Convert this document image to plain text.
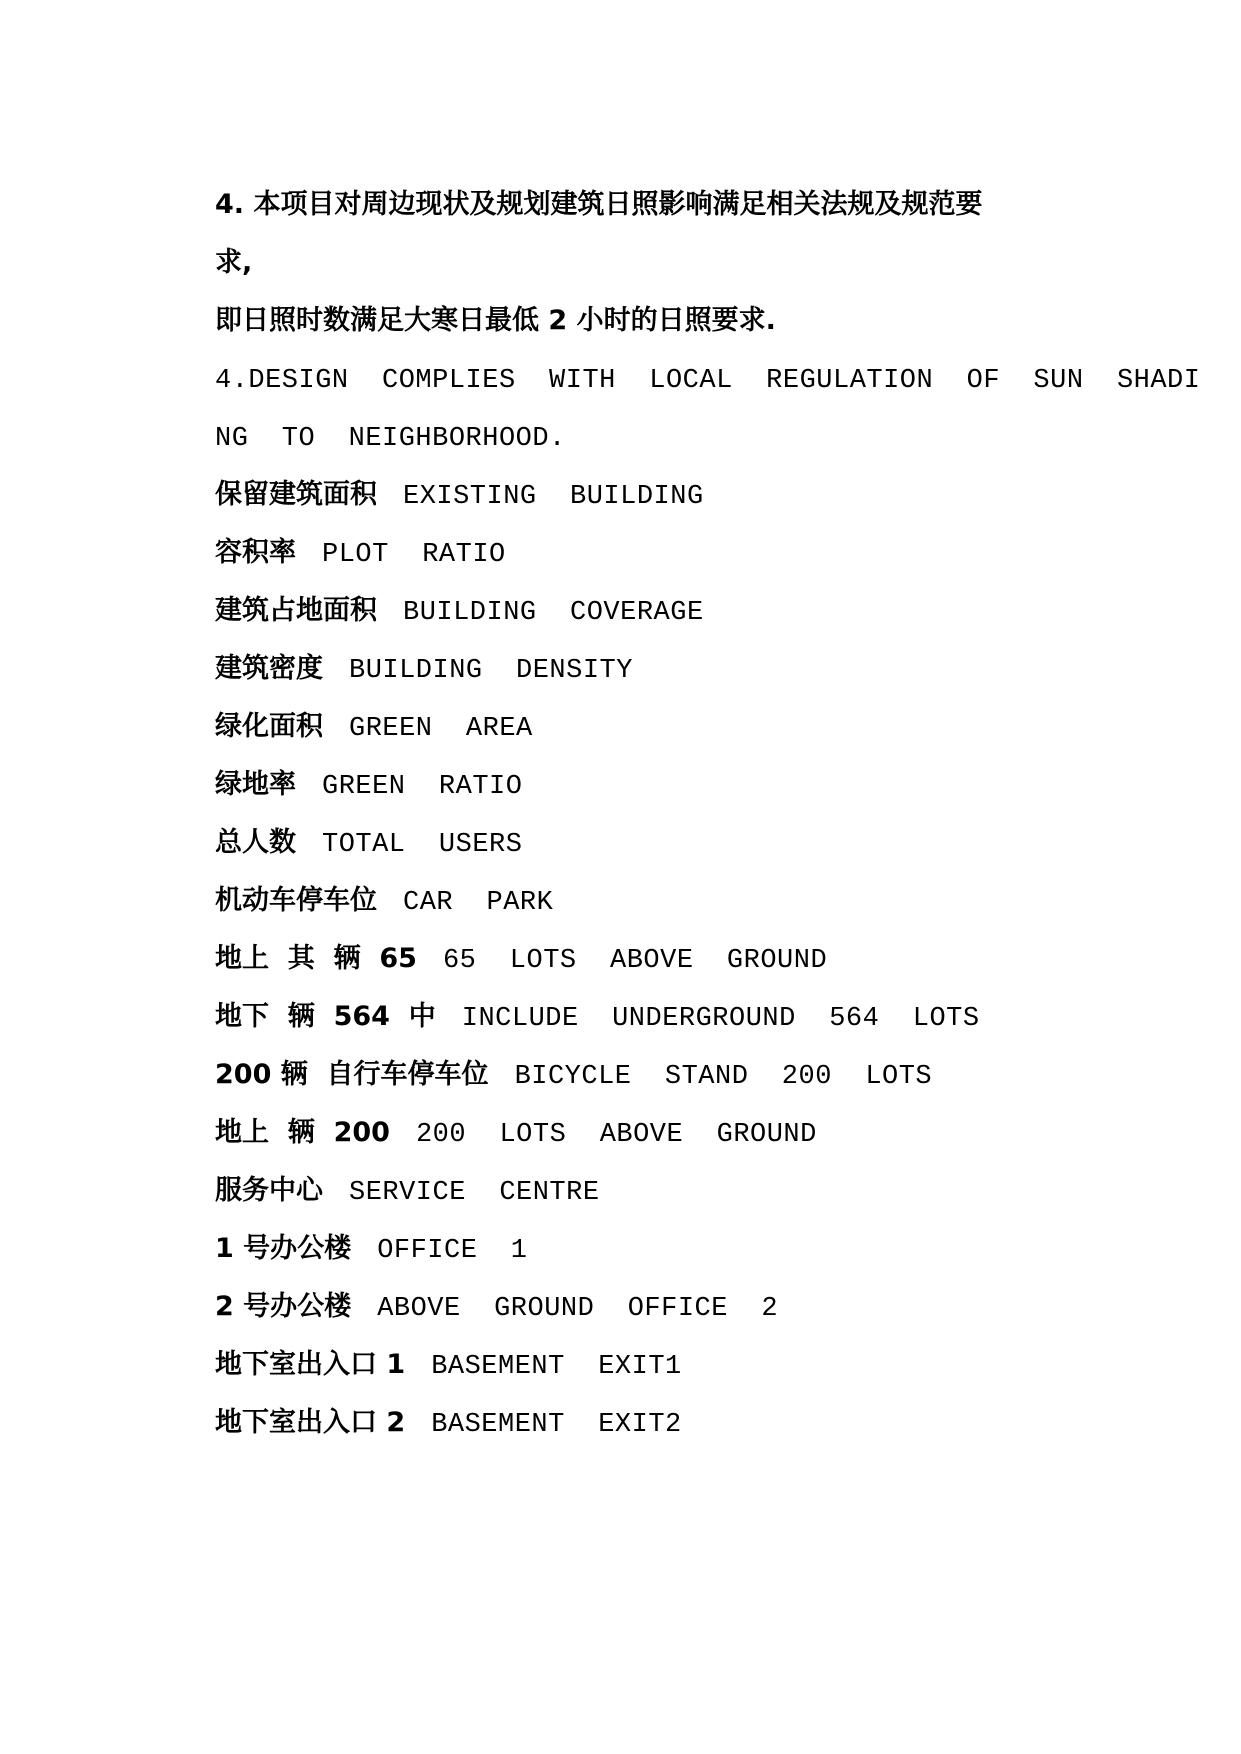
4. 本项目对周边现状及规划建筑日照影响满足相关法规及规范要

求,

即日照时数满足大寒日最低 2 小时的日照要求.

4.DESIGN  COMPLIES  WITH  LOCAL  REGULATION  OF  SUN  SHADI

NG  TO  NEIGHBORHOOD.

保留建筑面积 EXISTING  BUILDING

容积率 PLOT  RATIO

建筑占地面积 BUILDING  COVERAGE

建筑密度 BUILDING  DENSITY

绿化面积 GREEN  AREA

绿地率 GREEN  RATIO

总人数 TOTAL  USERS

机动车停车位 CAR  PARK

地上  其  辆  65 65  LOTS  ABOVE  GROUND

地下  辆  564  中 INCLUDE  UNDERGROUND  564  LOTS

200 辆  自行车停车位 BICYCLE  STAND  200  LOTS

地上  辆  200 200  LOTS  ABOVE  GROUND

服务中心 SERVICE  CENTRE

1 号办公楼 OFFICE  1

2 号办公楼 ABOVE  GROUND  OFFICE  2

地下室出入口 1 BASEMENT  EXIT1

地下室出入口 2 BASEMENT  EXIT2
